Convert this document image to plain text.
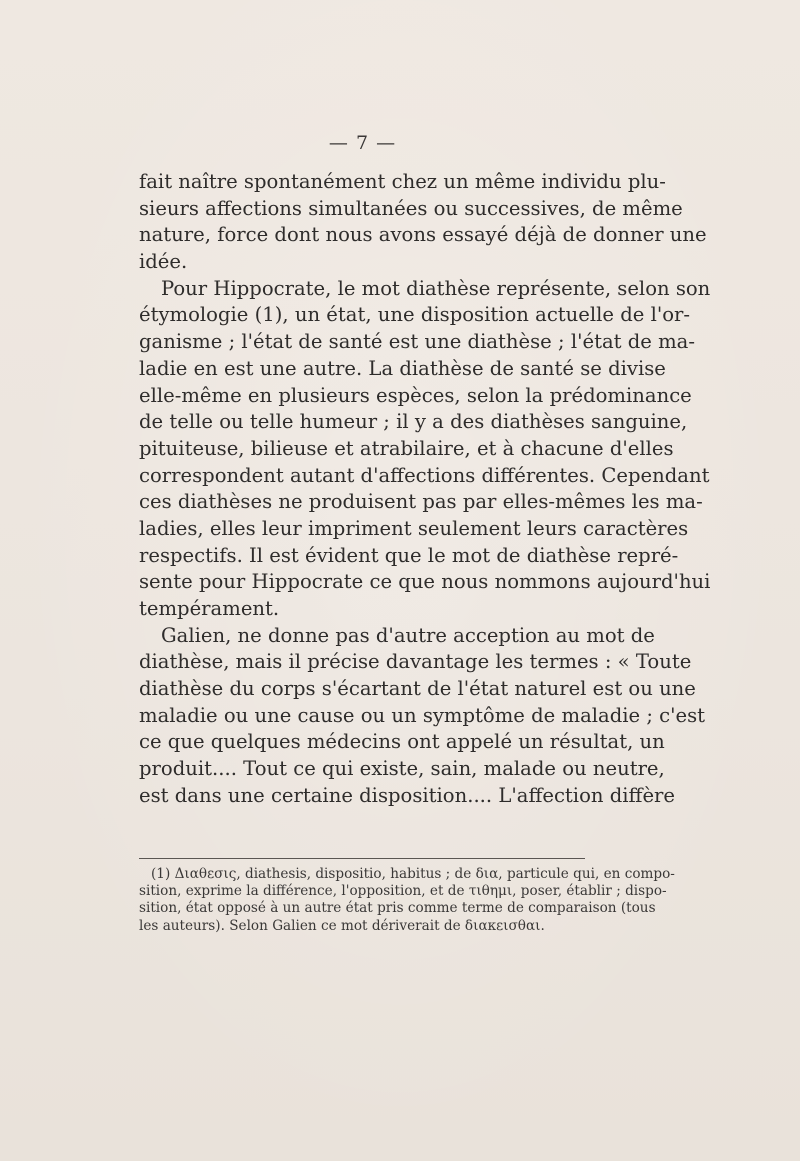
— 7 —

fait naître spontanément chez un même individu plu-
sieurs affections simultanées ou successives, de même
nature, force dont nous avons essayé déjà de donner une
idée.
Pour Hippocrate, le mot diathèse représente, selon son
étymologie (1), un état, une disposition actuelle de l'or-
ganisme ; l'état de santé est une diathèse ; l'état de ma-
ladie en est une autre. La diathèse de santé se divise
elle-même en plusieurs espèces, selon la prédominance
de telle ou telle humeur ; il y a des diathèses sanguine,
pituiteuse, bilieuse et atrabilaire, et à chacune d'elles
correspondent autant d'affections différentes. Cependant
ces diathèses ne produisent pas par elles-mêmes les ma-
ladies, elles leur impriment seulement leurs caractères
respectifs. Il est évident que le mot de diathèse repré-
sente pour Hippocrate ce que nous nommons aujourd'hui
tempérament.
Galien, ne donne pas d'autre acception au mot de
diathèse, mais il précise davantage les termes : « Toute
diathèse du corps s'écartant de l'état naturel est ou une
maladie ou une cause ou un symptôme de maladie ; c'est
ce que quelques médecins ont appelé un résultat, un
produit.... Tout ce qui existe, sain, malade ou neutre,
est dans une certaine disposition.... L'affection diffère
(1) Διαθεσις, diathesis, dispositio, habitus ; de δια, particule qui, en compo-
sition, exprime la différence, l'opposition, et de τιθημι, poser, établir ; dispo-
sition, état opposé à un autre état pris comme terme de comparaison (tous
les auteurs). Selon Galien ce mot dériverait de διακεισθαι.
